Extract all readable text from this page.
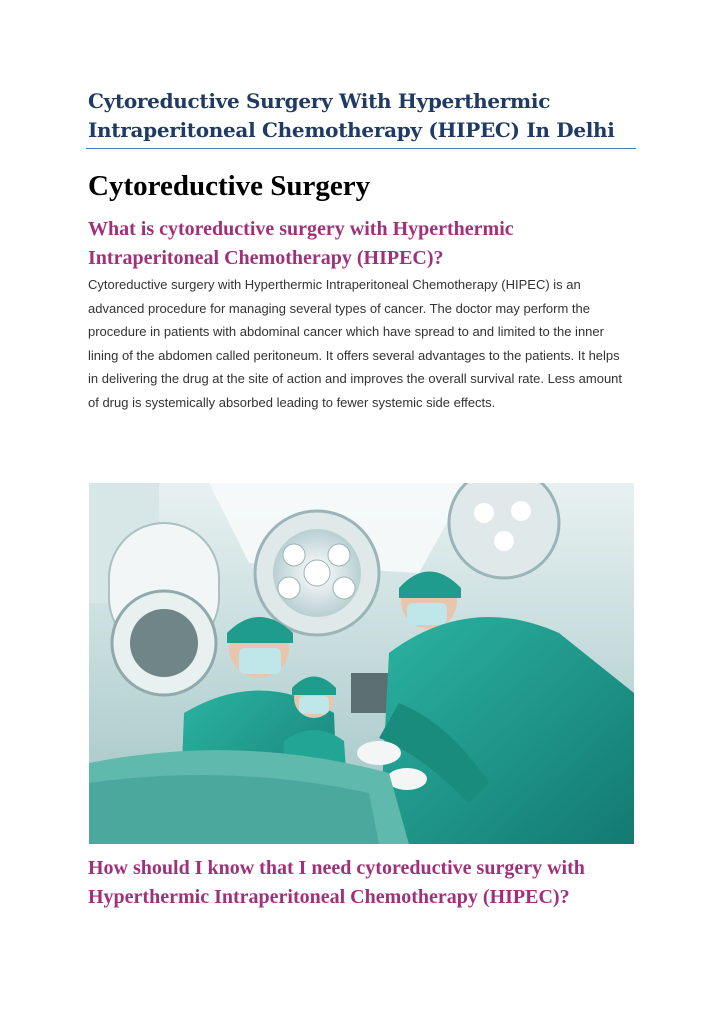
Cytoreductive Surgery With Hyperthermic Intraperitoneal Chemotherapy (HIPEC) In Delhi
Cytoreductive Surgery
What is cytoreductive surgery with Hyperthermic Intraperitoneal Chemotherapy (HIPEC)?

Cytoreductive surgery with Hyperthermic Intraperitoneal Chemotherapy (HIPEC) is an advanced procedure for managing several types of cancer. The doctor may perform the procedure in patients with abdominal cancer which have spread to and limited to the inner lining of the abdomen called peritoneum. It offers several advantages to the patients. It helps in delivering the drug at the site of action and improves the overall survival rate. Less amount of drug is systemically absorbed leading to fewer systemic side effects.

How should I know that I need cytoreductive surgery with Hyperthermic Intraperitoneal Chemotherapy (HIPEC)?
